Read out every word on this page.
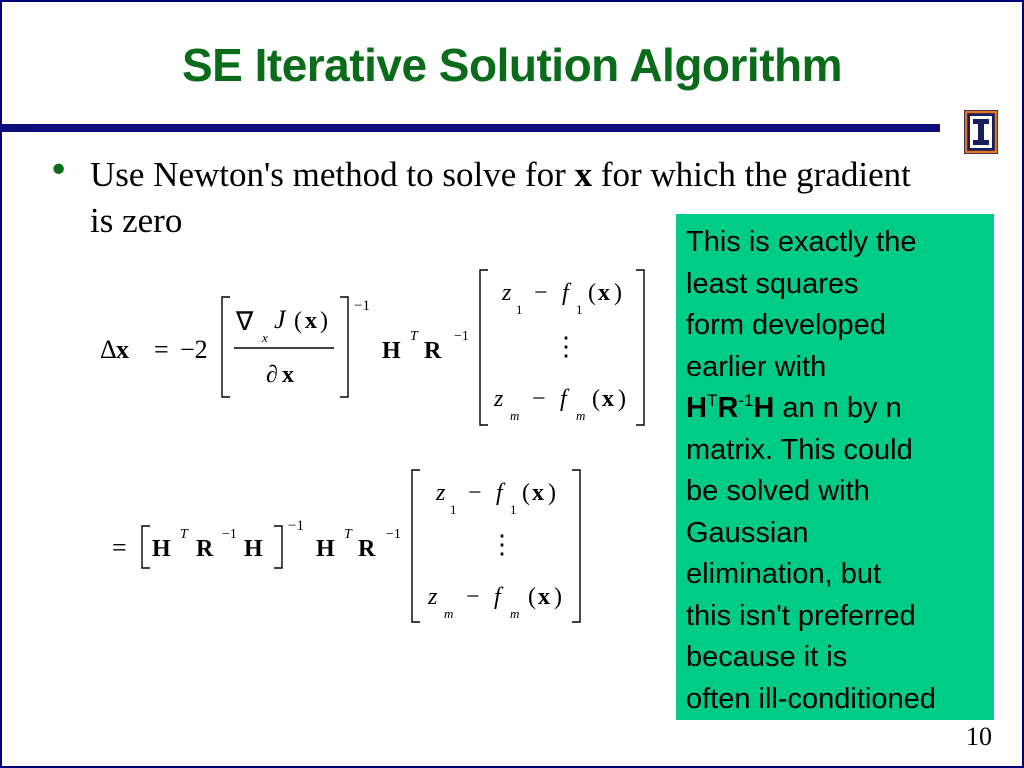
SE Iterative Solution Algorithm
• Use Newton's method to solve for x for which the gradient is zero
Δ x = −2
∇
x
J ( x )
∂ x
−1
H
T
R
−1
z
1
− f
1
( x )
⋮
z
m
− f
m
( x )
= H
T
R
−1
H
−1
H
T
R
−1
z
1
− f
1
( x )
⋮
z
m
− f
m
( x )
This is exactly the
least squares
form developed
earlier with
$H^TR^{-1}H$ an n by n
matrix. This could
be solved with
Gaussian
elimination, but
this isn't preferred
because it is
often ill-conditioned
10
